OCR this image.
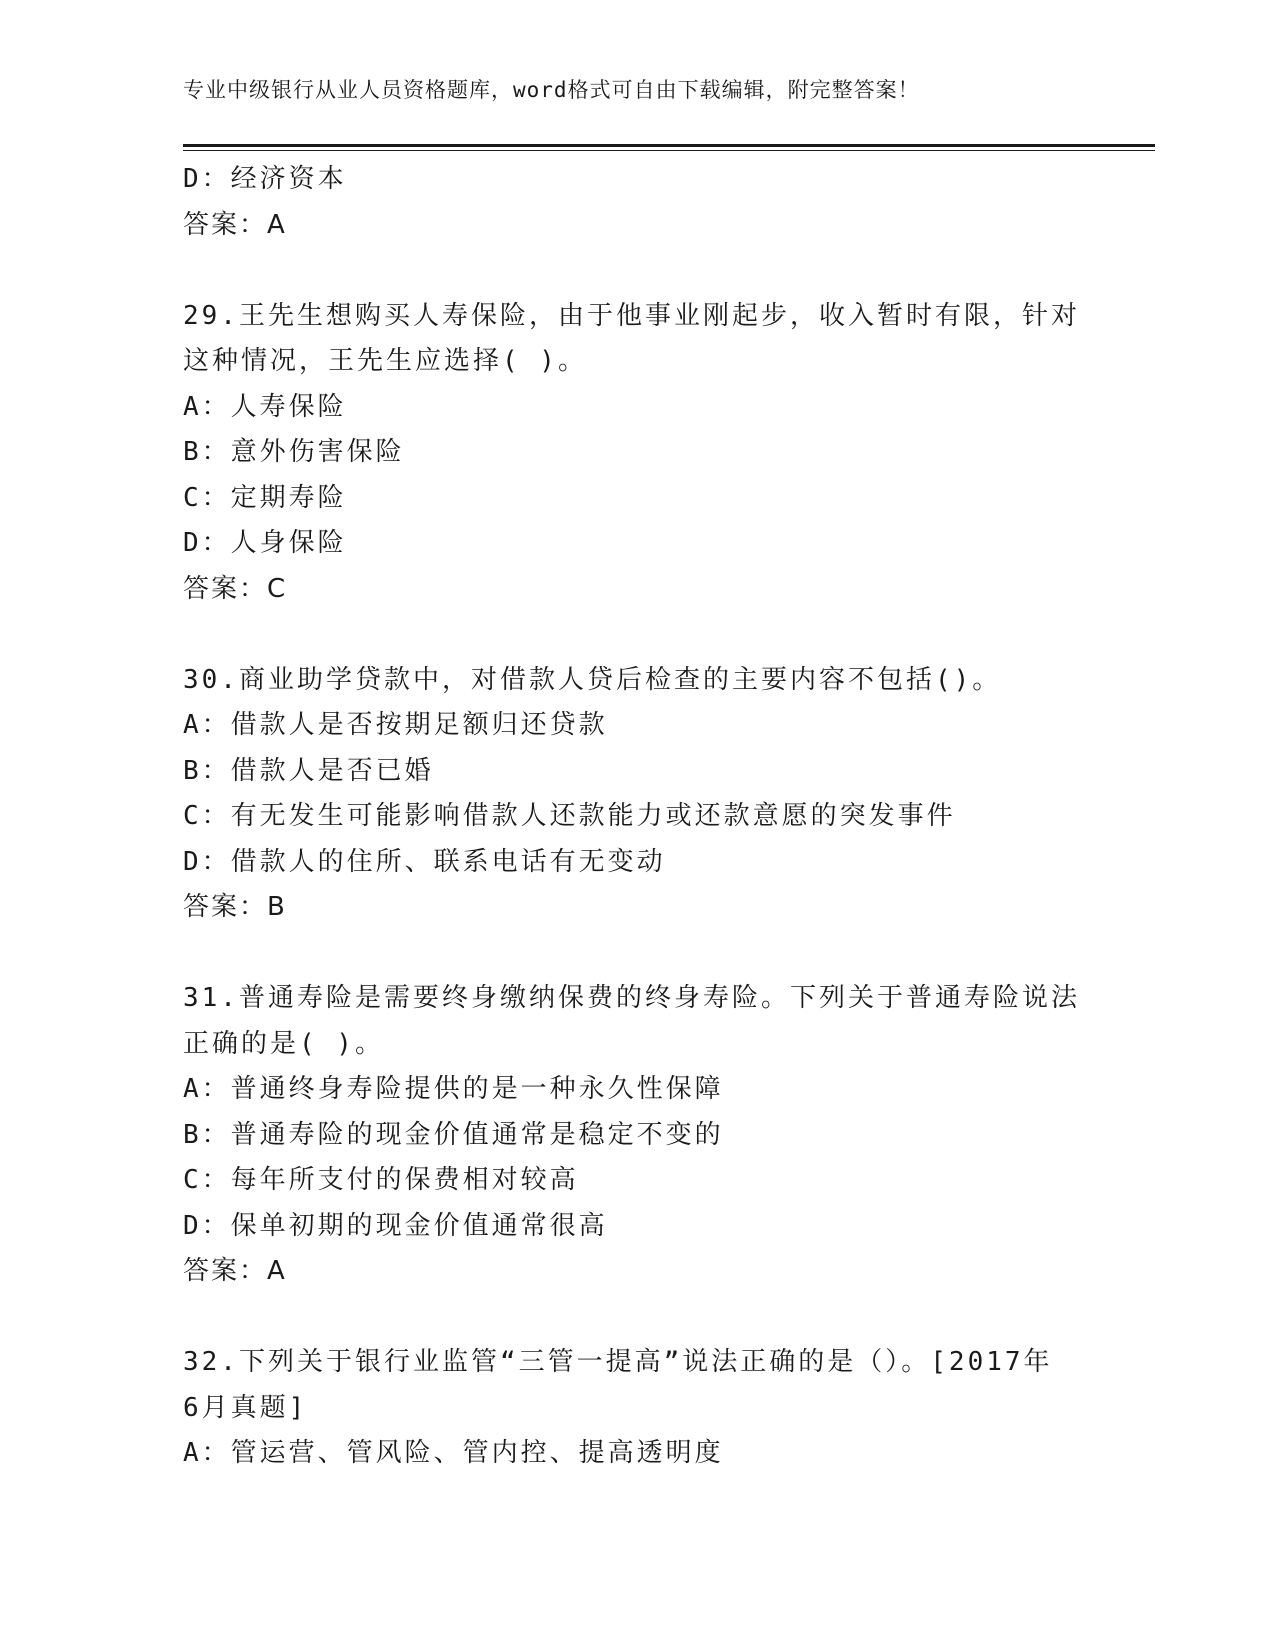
专业中级银行从业人员资格题库，word格式可自由下载编辑，附完整答案！
D：经济资本
答案：A
29.王先生想购买人寿保险，由于他事业刚起步，收入暂时有限，针对
这种情况，王先生应选择( )。
A：人寿保险
B：意外伤害保险
C：定期寿险
D：人身保险
答案：C
30.商业助学贷款中，对借款人贷后检查的主要内容不包括()。
A：借款人是否按期足额归还贷款
B：借款人是否已婚
C：有无发生可能影响借款人还款能力或还款意愿的突发事件
D：借款人的住所、联系电话有无变动
答案：B
31.普通寿险是需要终身缴纳保费的终身寿险。下列关于普通寿险说法
正确的是( )。
A：普通终身寿险提供的是一种永久性保障
B：普通寿险的现金价值通常是稳定不变的
C：每年所支付的保费相对较高
D：保单初期的现金价值通常很高
答案：A
32.下列关于银行业监管“三管一提高”说法正确的是（）。[2017年
6月真题]
A：管运营、管风险、管内控、提高透明度
